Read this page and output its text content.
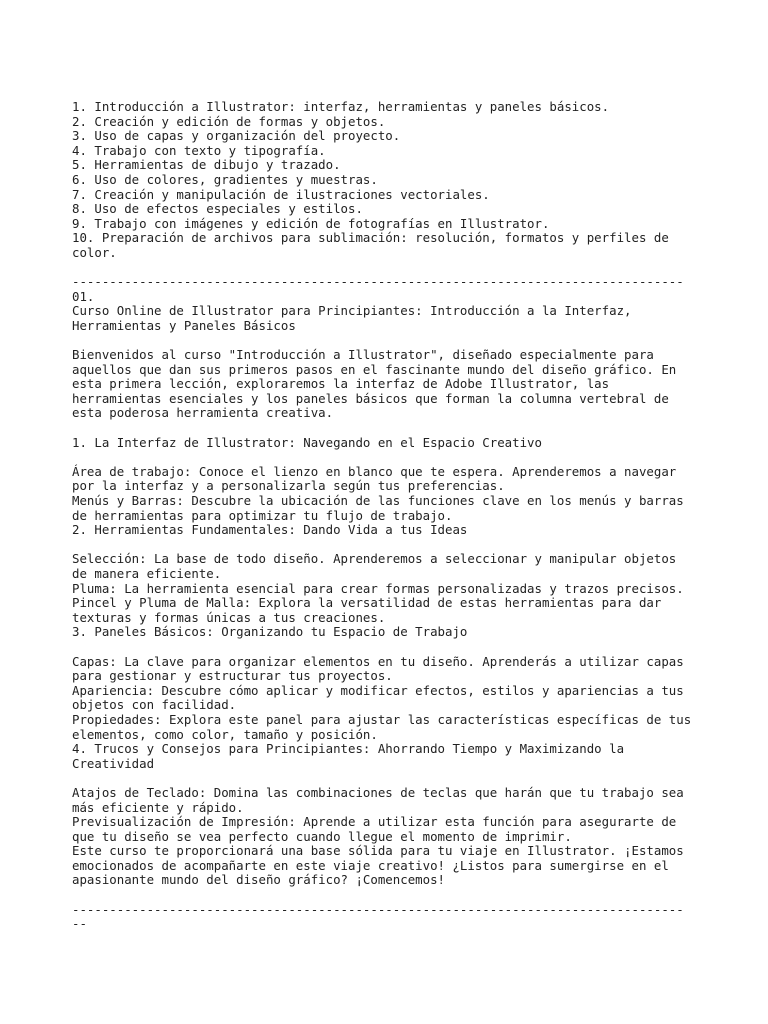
1. Introducción a Illustrator: interfaz, herramientas y paneles básicos.
2. Creación y edición de formas y objetos.
3. Uso de capas y organización del proyecto.
4. Trabajo con texto y tipografía.
5. Herramientas de dibujo y trazado.
6. Uso de colores, gradientes y muestras.
7. Creación y manipulación de ilustraciones vectoriales.
8. Uso de efectos especiales y estilos.
9. Trabajo con imágenes y edición de fotografías en Illustrator.
10. Preparación de archivos para sublimación: resolución, formatos y perfiles de
color.
----------------------------------------------------------------------------------
01.
Curso Online de Illustrator para Principiantes: Introducción a la Interfaz,
Herramientas y Paneles Básicos
Bienvenidos al curso "Introducción a Illustrator", diseñado especialmente para
aquellos que dan sus primeros pasos en el fascinante mundo del diseño gráfico. En
esta primera lección, exploraremos la interfaz de Adobe Illustrator, las
herramientas esenciales y los paneles básicos que forman la columna vertebral de
esta poderosa herramienta creativa.
1. La Interfaz de Illustrator: Navegando en el Espacio Creativo
Área de trabajo: Conoce el lienzo en blanco que te espera. Aprenderemos a navegar
por la interfaz y a personalizarla según tus preferencias.
Menús y Barras: Descubre la ubicación de las funciones clave en los menús y barras
de herramientas para optimizar tu flujo de trabajo.
2. Herramientas Fundamentales: Dando Vida a tus Ideas
Selección: La base de todo diseño. Aprenderemos a seleccionar y manipular objetos
de manera eficiente.
Pluma: La herramienta esencial para crear formas personalizadas y trazos precisos.
Pincel y Pluma de Malla: Explora la versatilidad de estas herramientas para dar
texturas y formas únicas a tus creaciones.
3. Paneles Básicos: Organizando tu Espacio de Trabajo
Capas: La clave para organizar elementos en tu diseño. Aprenderás a utilizar capas
para gestionar y estructurar tus proyectos.
Apariencia: Descubre cómo aplicar y modificar efectos, estilos y apariencias a tus
objetos con facilidad.
Propiedades: Explora este panel para ajustar las características específicas de tus
elementos, como color, tamaño y posición.
4. Trucos y Consejos para Principiantes: Ahorrando Tiempo y Maximizando la
Creatividad
Atajos de Teclado: Domina las combinaciones de teclas que harán que tu trabajo sea
más eficiente y rápido.
Previsualización de Impresión: Aprende a utilizar esta función para asegurarte de
que tu diseño se vea perfecto cuando llegue el momento de imprimir.
Este curso te proporcionará una base sólida para tu viaje en Illustrator. ¡Estamos
emocionados de acompañarte en este viaje creativo! ¿Listos para sumergirse en el
apasionante mundo del diseño gráfico? ¡Comencemos!
----------------------------------------------------------------------------------
--
